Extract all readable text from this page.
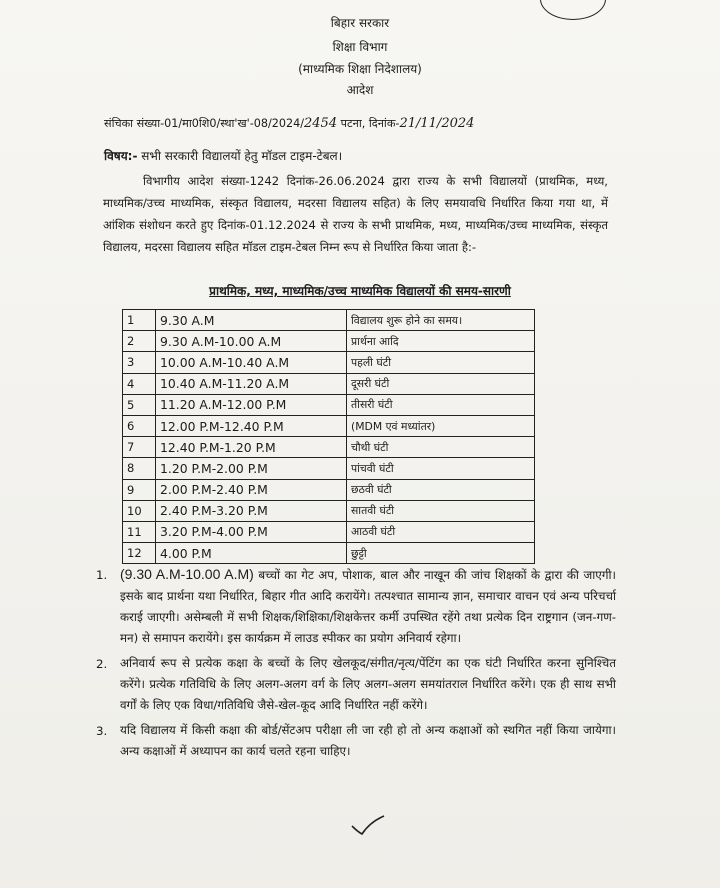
बिहार सरकार
शिक्षा विभाग
(माध्यमिक शिक्षा निदेशालय)
आदेश
संचिका संख्या-01/मा0शि0/स्था'ख'-08/2024/2454 पटना, दिनांक-21/11/2024
विषय:- सभी सरकारी विद्यालयों हेतु मॉडल टाइम-टेबल।
विभागीय आदेश संख्या-1242 दिनांक-26.06.2024 द्वारा राज्य के सभी विद्यालयों (प्राथमिक, मध्य, माध्यमिक/उच्च माध्यमिक, संस्कृत विद्यालय, मदरसा विद्यालय सहित) के लिए समयावधि निर्धारित किया गया था, में आंशिक संशोधन करते हुए दिनांक-01.12.2024 से राज्य के सभी प्राथमिक, मध्य, माध्यमिक/उच्च माध्यमिक, संस्कृत विद्यालय, मदरसा विद्यालय सहित मॉडल टाइम-टेबल निम्न रूप से निर्धारित किया जाता है:-
प्राथमिक, मध्य, माध्यमिक/उच्च माध्यमिक विद्यालयों की समय-सारणी
1	9.30 A.M	विद्यालय शुरू होने का समय।
2	9.30 A.M-10.00 A.M	प्रार्थना आदि
3	10.00 A.M-10.40 A.M	पहली घंटी
4	10.40 A.M-11.20 A.M	दूसरी घंटी
5	11.20 A.M-12.00 P.M	तीसरी घंटी
6	12.00 P.M-12.40 P.M	(MDM एवं मध्यांतर)
7	12.40 P.M-1.20 P.M	चौथी घंटी
8	1.20 P.M-2.00 P.M	पांचवी घंटी
9	2.00 P.M-2.40 P.M	छठवी घंटी
10	2.40 P.M-3.20 P.M	सातवी घंटी
11	3.20 P.M-4.00 P.M	आठवी घंटी
12	4.00 P.M	छुट्टी
1. (9.30 A.M-10.00 A.M) बच्चों का गेट अप, पोशाक, बाल और नाखून की जांच शिक्षकों के द्वारा की जाएगी। इसके बाद प्रार्थना यथा निर्धारित, बिहार गीत आदि करायेंगे। तत्पश्चात सामान्य ज्ञान, समाचार वाचन एवं अन्य परिचर्चा कराई जाएगी। असेम्बली में सभी शिक्षक/शिक्षिका/शिक्षकेत्तर कर्मी उपस्थित रहेंगे तथा प्रत्येक दिन राष्ट्रगान (जन-गण-मन) से समापन करायेंगे। इस कार्यक्रम में लाउड स्पीकर का प्रयोग अनिवार्य रहेगा।
2. अनिवार्य रूप से प्रत्येक कक्षा के बच्चों के लिए खेलकूद/संगीत/नृत्य/पेंटिंग का एक घंटी निर्धारित करना सुनिश्चित करेंगे। प्रत्येक गतिविधि के लिए अलग-अलग वर्ग के लिए अलग-अलग समयांतराल निर्धारित करेंगे। एक ही साथ सभी वर्गों के लिए एक विधा/गतिविधि जैसे-खेल-कूद आदि निर्धारित नहीं करेंगे।
3. यदि विद्यालय में किसी कक्षा की बोर्ड/सेंटअप परीक्षा ली जा रही हो तो अन्य कक्षाओं को स्थगित नहीं किया जायेगा। अन्य कक्षाओं में अध्यापन का कार्य चलते रहना चाहिए।
